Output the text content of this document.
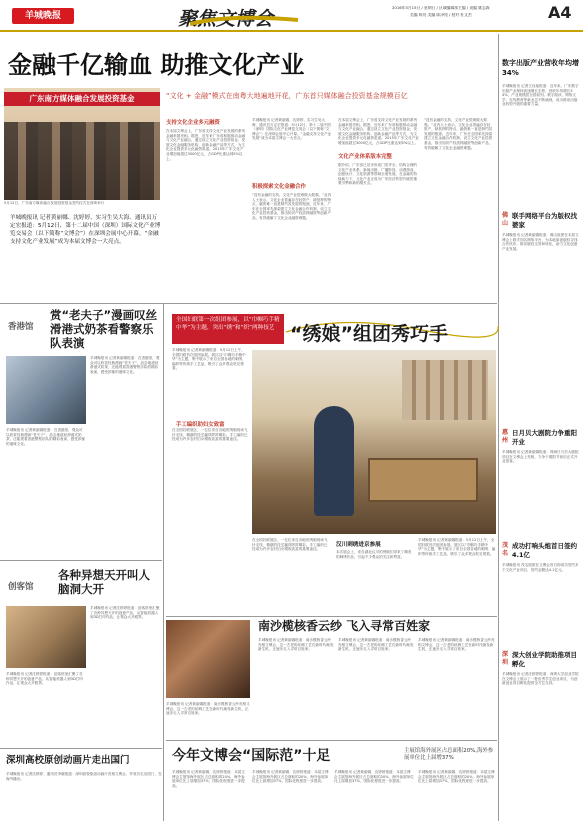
羊城晚报	聚焦文博会
2016年5月15日 / 星期日 / 区域编辑部主编 / 责编 姚志森
美编 陈亮 美编 陈泽纯 / 校对 杜文杰	A4
金融千亿输血 助推文化产业
“文化 + 金融”模式在南粤大地遍地开花，广东首只媒体融合投资基金规模百亿
广东南方媒体融合发展投资基金
5月12日，广东南方媒体融合发展投资基金签约仪式在深圳举行
羊城晚报讯 记者黄丽娜、沈婷婷、实习生吴大海、通讯员万定宏报道：5月12日，第十二届中国（深圳）国际文化产业博览交易会（以下简称“文博会”）在深圳会展中心开幕。“金融支持文化产业发展”成为本届文博会一大亮点。
支持文化企业多元融资
在本届文博会上，广东省支持文化产业发展的系列金融举措亮相。据悉，近年来广东省积极推动金融与文化产业融合，通过设立文化产业投资基金、发展文化金融服务机构、创新金融产品等方式，为文化企业提供多元化融资渠道。2015年广东文化产业增加值超过3000亿元，占GDP比重达到5%以上。
羊城晚报讯 记者黄丽娜、沈婷婷、实习生吴大海、通讯员万定宏报道：5月12日，第十二届中国（深圳）国际文化产业博览交易会（以下简称“文博会”）在深圳会展中心开幕。“金融支持文化产业发展”成为本届文博会一大亮点。
积极探索文化金融合作
“没有金融的支持，文化产业很难做大做强。”业内人士表示，文化企业普遍存在轻资产、缺抵押的特点，融资难一直是制约其发展的瓶颈。近年来，广东在全国率先探索建立文化金融合作机制，设立文化产业投资基金，推出知识产权质押融资等创新产品，有效破解了文化企业融资难题。
在本届文博会上，广东省支持文化产业发展的系列金融举措亮相。据悉，近年来广东省积极推动金融与文化产业融合，通过设立文化产业投资基金、发展文化金融服务机构、创新金融产品等方式，为文化企业提供多元化融资渠道。2015年广东文化产业增加值超过3000亿元，占GDP比重达到5%以上。
文化产业体系版本完整
据介绍，广东省已初步形成门类齐全、结构合理的文化产业体系，新闻出版、广播影视、动漫游戏、创意设计、文化旅游等领域全面发展。在金融的持续助力下，文化产业正成为广东经济转型升级的重要引擎和新的增长点。
“没有金融的支持，文化产业很难做大做强。”业内人士表示，文化企业普遍存在轻资产、缺抵押的特点，融资难一直是制约其发展的瓶颈。近年来，广东在全国率先探索建立文化金融合作机制，设立文化产业投资基金，推出知识产权质押融资等创新产品，有效破解了文化企业融资难题。
数字出版产业营收年均增34%
羊城晚报讯 记者王珏瑶报道：近年来，广东数字出版产业保持高速增长态势，营收年均增长34%，产业规模居全国前列。数字阅读、网络文学、在线教育等新业态不断涌现，成为推动出版业转型升级的重要力量。
佛山
联手网络平台为版权找婆家
羊城晚报讯 记者黄丽娜报道：佛山展团在本届文博会上联手知名网络平台，为本地原创版权寻找合作伙伴，推动版权交易和转化，助力文化创意产业发展。
惠州
日月贝大剧院力争重阳开业
羊城晚报讯 记者黄丽娜报道：珠海日月贝大剧院项目在文博会上亮相，力争于重阳节前后正式开业迎客。
茂名
成功打响头炮首日签约4.1亿
羊城晚报讯 茂名展团在文博会首日即成功签约多个文化产业项目，签约金额达4.1亿元。
深圳
深大创业学院助推项目孵化
羊城晚报讯 记者沈婷婷报道：深圳大学创业学院在文博会上展示了一批优秀学生创业项目，为创新创业项目孵化提供全方位支持。
香港馆
赏“老夫子”漫画叹丝滑港式奶茶看警察乐队表演
羊城晚报讯 记者黄丽娜报道：在香港馆，观众可以欣赏经典漫画“老夫子”，品尝地道丝滑港式奶茶，还能观看香港警察乐队的精彩表演，感受浓郁的港味文化。
羊城晚报讯 记者黄丽娜报道：在香港馆，观众可以欣赏经典漫画“老夫子”，品尝地道丝滑港式奶茶，还能观看香港警察乐队的精彩表演，感受浓郁的港味文化。
创客馆
各种异想天开叫人脑洞大开
羊城晚报讯 记者沈婷婷报道：创客馆里汇聚了各种异想天开的创意产品，从智能机器人到3D打印作品，让观众大开眼界。
羊城晚报讯 记者沈婷婷报道：创客馆里汇聚了各种异想天开的创意产品，从智能机器人到3D打印作品，让观众大开眼界。
深圳高校原创动画片走出国门
羊城晚报讯 记者沈婷婷、通讯员李晓报道：深圳高校原创动画片亮相文博会，并成功走出国门，在海外播出。
全国妇联第一次组团参展，以“巾帼巧手精中华”为主题，突出“绣”和“织”两种技艺 “绣娘”组团秀巧手
羊城晚报讯 记者黄丽娜报道：5月12日上午，全国妇联首次组团参展。展区以“巾帼巧手精中华”为主题，集中展示了来自全国各地的刺绣、编织等传统手工艺品，吸引了众多观众驻足观看。
手工编织助妇女致富
在全国妇联展区，一位位来自各地的绣娘现场飞针走线，精湛的技艺赢得阵阵喝彩。手工编织已经成为许多农村妇女增收致富的重要途径。
在全国妇联展区，一位位来自各地的绣娘现场飞针走线，精湛的技艺赢得阵阵喝彩。手工编织已经成为许多农村妇女增收致富的重要途径。
汉川刺绣进京参展
本次展会上，来自湖北汉川的绣娘们带来了精美的刺绣作品，引起不少观众的关注和赞赏。
羊城晚报讯 记者黄丽娜报道：5月12日上午，全国妇联首次组团参展。展区以“巾帼巧手精中华”为主题，集中展示了来自全国各地的刺绣、编织等传统手工艺品，吸引了众多观众驻足观看。
南沙榄核香云纱 飞入寻常百姓家
羊城晚报讯 记者黄丽娜报道：南沙榄核香云纱亮相文博会，这一古老的丝绸工艺在新时代焕发新生机，正逐步走入寻常百姓家。
羊城晚报讯 记者黄丽娜报道：南沙榄核香云纱亮相文博会，这一古老的丝绸工艺在新时代焕发新生机，正逐步走入寻常百姓家。
羊城晚报讯 记者黄丽娜报道：南沙榄核香云纱亮相文博会，这一古老的丝绸工艺在新时代焕发新生机，正逐步走入寻常百姓家。
羊城晚报讯 记者黄丽娜报道：南沙榄核香云纱亮相文博会，这一古老的丝绸工艺在新时代焕发新生机，正逐步走入寻常百姓家。
今年文博会“国际范”十足	主展馆海外展区占总面积20%,海外参展单位比上届增37%
羊城晚报讯 记者黄丽娜、沈婷婷报道：本届文博会主展馆海外展区占总面积的20%，海外参展单位比上届增加37%，国际化程度进一步提高。
羊城晚报讯 记者黄丽娜、沈婷婷报道：本届文博会主展馆海外展区占总面积的20%，海外参展单位比上届增加37%，国际化程度进一步提高。
羊城晚报讯 记者黄丽娜、沈婷婷报道：本届文博会主展馆海外展区占总面积的20%，海外参展单位比上届增加37%，国际化程度进一步提高。
羊城晚报讯 记者黄丽娜、沈婷婷报道：本届文博会主展馆海外展区占总面积的20%，海外参展单位比上届增加37%，国际化程度进一步提高。
